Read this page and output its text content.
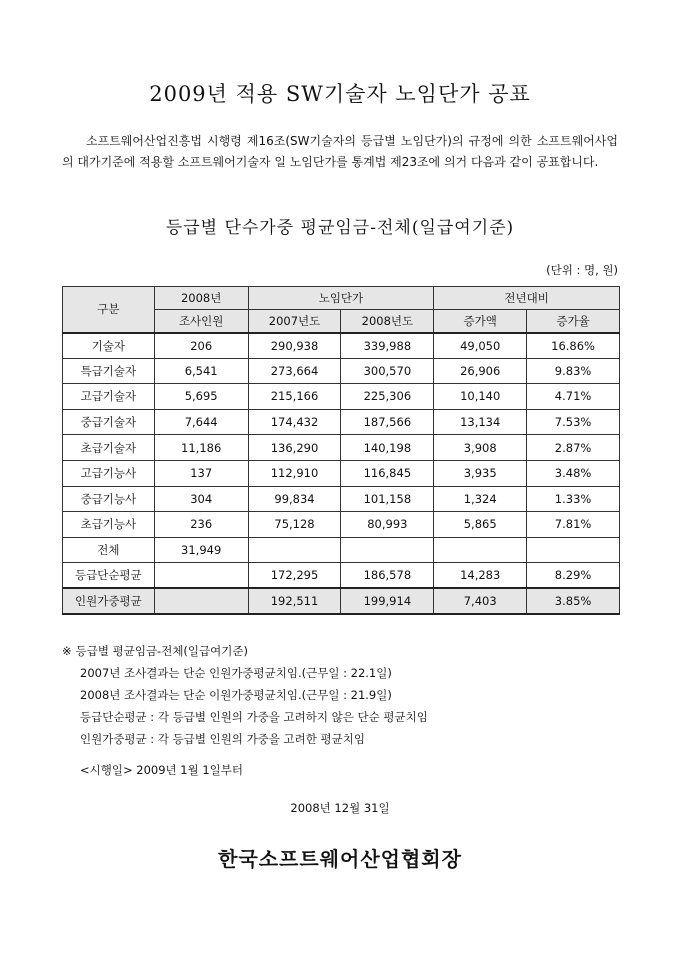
2009년 적용 SW기술자 노임단가 공표

소프트웨어산업진흥법 시행령 제16조(SW기술자의 등급별 노임단가)의 규정에 의한 소프트웨어사업의 대가기준에 적용할 소프트웨어기술자 일 노임단가를 통계법 제23조에 의거 다음과 같이 공표합니다.

등급별 단수가중 평균임금-전체(일급여기준)
(단위 : 명, 원)
구분	2008년	노임단가		전년대비	
	조사인원	2007년도	2008년도	증가액	증가율
기술자	206	290,938	339,988	49,050	16.86%
특급기술자	6,541	273,664	300,570	26,906	9.83%
고급기술자	5,695	215,166	225,306	10,140	4.71%
중급기술자	7,644	174,432	187,566	13,134	7.53%
초급기술자	11,186	136,290	140,198	3,908	2.87%
고급기능사	137	112,910	116,845	3,935	3.48%
중급기능사	304	99,834	101,158	1,324	1.33%
초급기능사	236	75,128	80,993	5,865	7.81%
전체	31,949				
등급단순평균		172,295	186,578	14,283	8.29%
인원가중평균		192,511	199,914	7,403	3.85%
※ 등급별 평균임금-전체(일급여기준)
2007년 조사결과는 단순 인원가중평균치임.(근무일 : 22.1일)
2008년 조사결과는 단순 이원가중평균치임.(근무일 : 21.9일)
등급단순평균 : 각 등급별 인원의 가중을 고려하지 않은 단순 평균치임
인원가중평균 : 각 등급별 인원의 가중을 고려한 평균치임
<시행일> 2009년 1월 1일부터
2008년 12월 31일
한국소프트웨어산업협회장
